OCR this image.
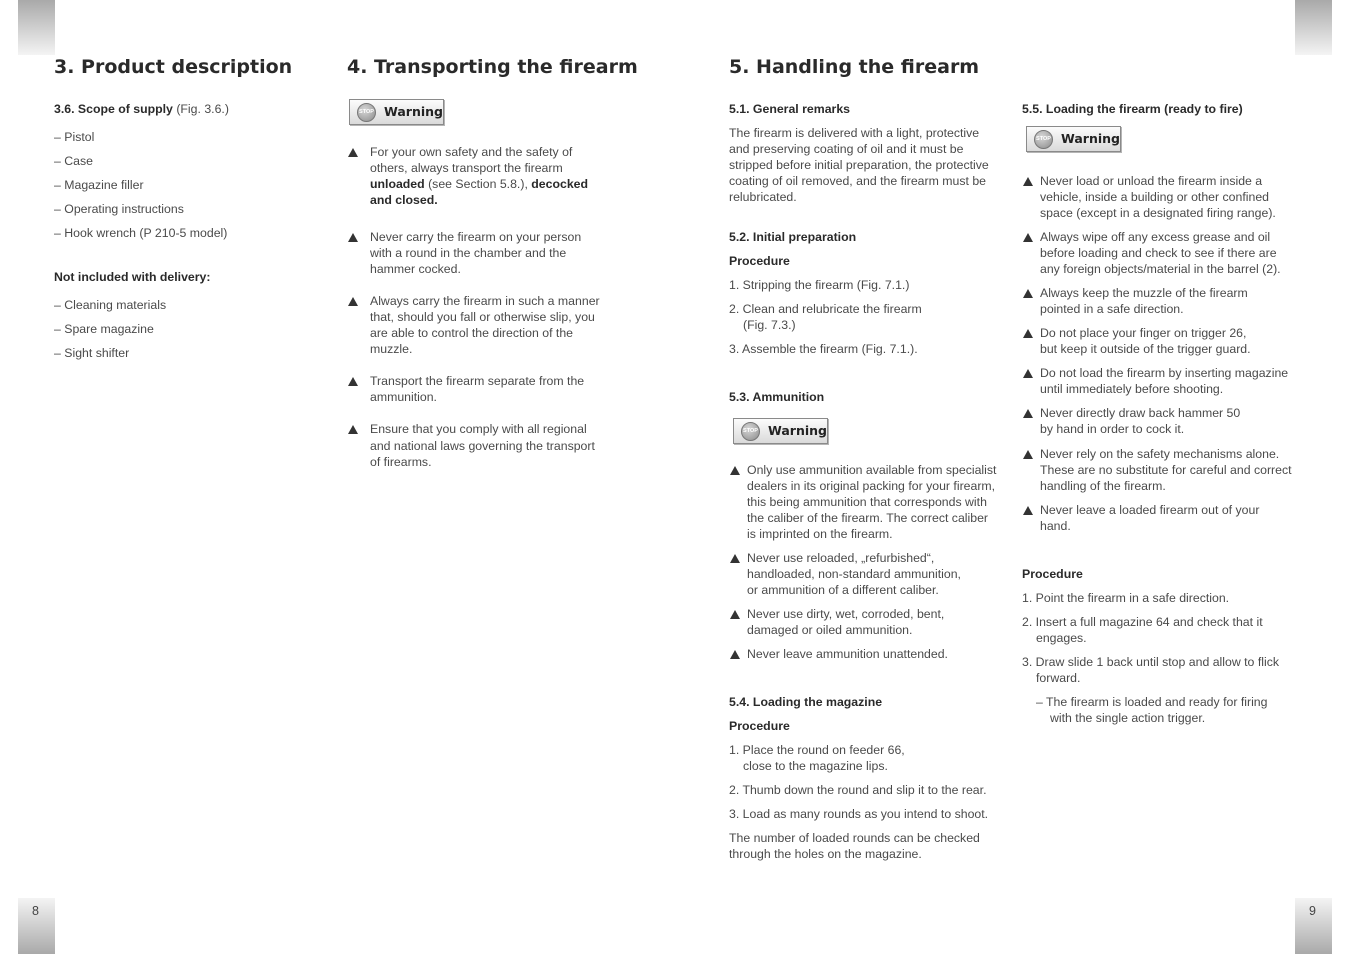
8	9
3. Product description

3.6. Scope of supply (Fig. 3.6.)

– Pistol

– Case

– Magazine filler

– Operating instructions

– Hook wrench (P 210-5 model)

Not included with delivery:

– Cleaning materials

– Spare magazine

– Sight shifter

4. Transporting the firearm
STOP Warning

For your own safety and the safety of

others, always transport the firearm

unloaded (see Section 5.8.), decocked

and closed.

Never carry the firearm on your person

with a round in the chamber and the

hammer cocked.

Always carry the firearm in such a manner

that, should you fall or otherwise slip, you

are able to control the direction of the

muzzle.

Transport the firearm separate from the

ammunition.

Ensure that you comply with all regional

and national laws governing the transport

of firearms.

5. Handling the firearm
5.1. General remarks

The firearm is delivered with a light, protective

and preserving coating of oil and it must be

stripped before initial preparation, the protective

coating of oil removed, and the firearm must be

relubricated.

5.2. Initial preparation
Procedure
1. Stripping the firearm (Fig. 7.1.)

2. Clean and relubricate the firearm

(Fig. 7.3.)

3. Assemble the firearm (Fig. 7.1.).
5.3. Ammunition
STOP Warning

Only use ammunition available from specialist

dealers in its original packing for your firearm,

this being ammunition that corresponds with

the caliber of the firearm. The correct caliber

is imprinted on the firearm.

Never use reloaded, „refurbished“,

handloaded, non-standard ammunition,

or ammunition of a different caliber.

Never use dirty, wet, corroded, bent,

damaged or oiled ammunition.

Never leave ammunition unattended.

5.4. Loading the magazine
Procedure

1. Place the round on feeder 66,

close to the magazine lips.

2. Thumb down the round and slip it to the rear.
3. Load as many rounds as you intend to shoot.

The number of loaded rounds can be checked

through the holes on the magazine.

5.5. Loading the firearm (ready to fire)
STOP Warning

Never load or unload the firearm inside a

vehicle, inside a building or other confined

space (except in a designated firing range).

Always wipe off any excess grease and oil

before loading and check to see if there are

any foreign objects/material in the barrel (2).

Always keep the muzzle of the firearm

pointed in a safe direction.

Do not place your finger on trigger 26,

but keep it outside of the trigger guard.

Do not load the firearm by inserting magazine

until immediately before shooting.

Never directly draw back hammer 50

by hand in order to cock it.

Never rely on the safety mechanisms alone.

These are no substitute for careful and correct

handling of the firearm.

Never leave a loaded firearm out of your

hand.

Procedure
1. Point the firearm in a safe direction.

2. Insert a full magazine 64 and check that it

engages.

3. Draw slide 1 back until stop and allow to flick

forward.

– The firearm is loaded and ready for firing

with the single action trigger.
